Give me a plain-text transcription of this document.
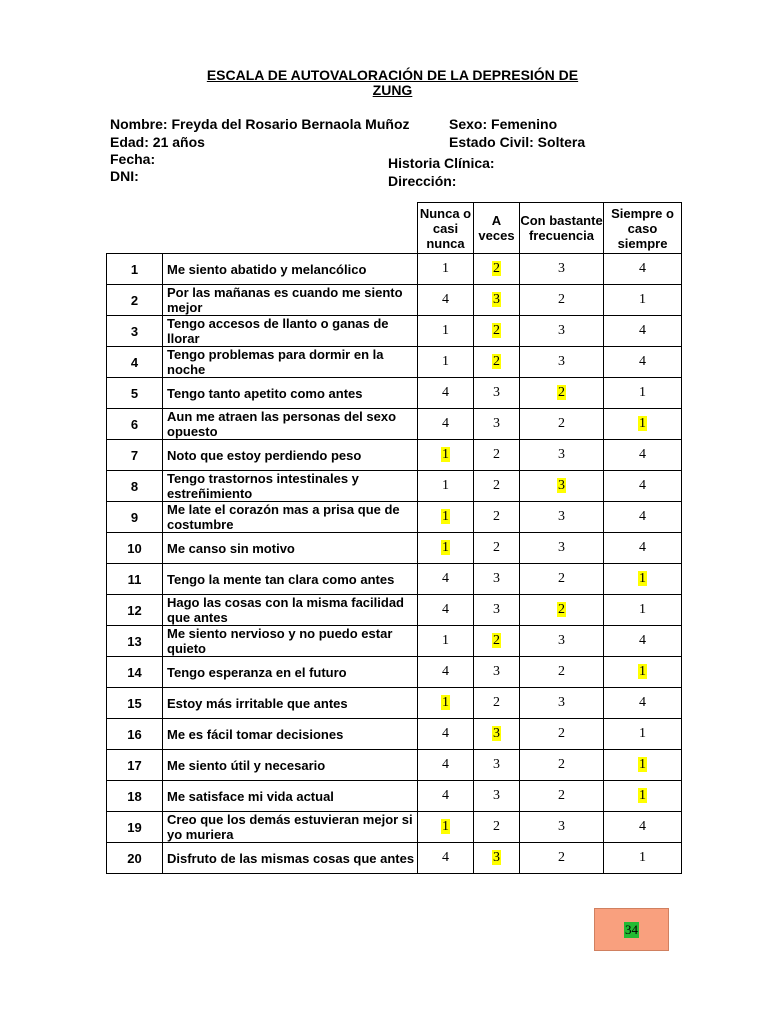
ESCALA DE AUTOVALORACIÓN DE LA DEPRESIÓN DE ZUNG
Nombre: Freyda del Rosario Bernaola Muñoz	Sexo: Femenino
Edad: 21 años	Estado Civil: Soltera
Fecha:	Historia Clínica:
DNI:	Dirección:
		Nunca o casi nunca	A veces	Con bastante frecuencia	Siempre o caso siempre
1	Me siento abatido y melancólico	1	2	3	4
2	Por las mañanas es cuando me siento mejor	4	3	2	1
3	Tengo accesos de llanto o ganas de llorar	1	2	3	4
4	Tengo problemas para dormir en la noche	1	2	3	4
5	Tengo tanto apetito como antes	4	3	2	1
6	Aun me atraen las personas del sexo opuesto	4	3	2	1
7	Noto que estoy perdiendo peso	1	2	3	4
8	Tengo trastornos intestinales y estreñimiento	1	2	3	4
9	Me late el corazón mas a prisa que de costumbre	1	2	3	4
10	Me canso sin motivo	1	2	3	4
11	Tengo la mente tan clara como antes	4	3	2	1
12	Hago las cosas con la misma facilidad que antes	4	3	2	1
13	Me siento nervioso y no puedo estar quieto	1	2	3	4
14	Tengo esperanza en el futuro	4	3	2	1
15	Estoy más irritable que antes	1	2	3	4
16	Me es fácil tomar decisiones	4	3	2	1
17	Me siento útil y necesario	4	3	2	1
18	Me satisface mi vida actual	4	3	2	1
19	Creo que los demás estuvieran mejor si yo muriera	1	2	3	4
20	Disfruto de las mismas cosas que antes	4	3	2	1
34
